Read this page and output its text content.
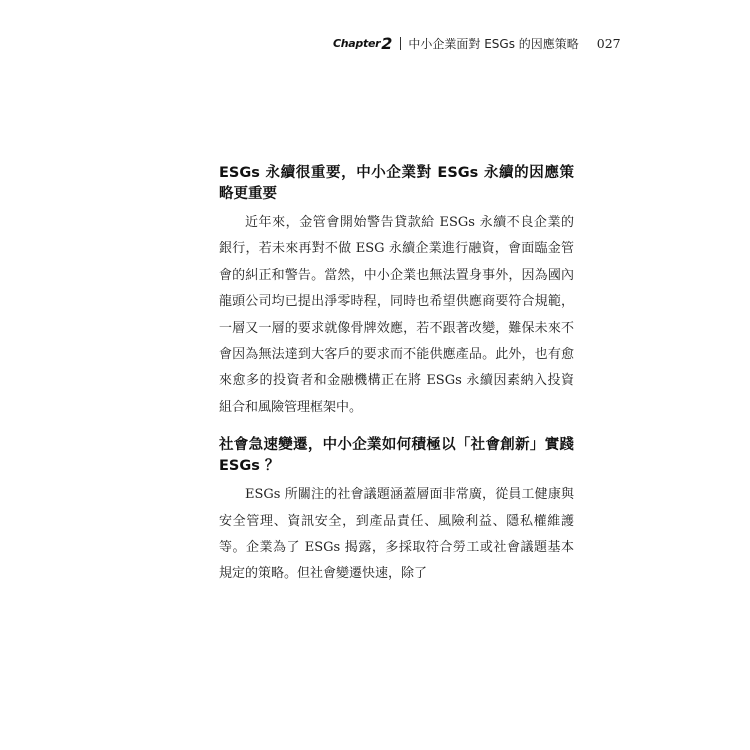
Chapter 2 中小企業面對 ESGs 的因應策略 027
ESGs 永續很重要，中小企業對 ESGs 永續的因應策略更重要

近年來，金管會開始警告貸款給 ESGs 永續不良企業的銀行，若未來再對不做 ESG 永續企業進行融資，會面臨金管會的糾正和警告。當然，中小企業也無法置身事外，因為國內龍頭公司均已提出淨零時程，同時也希望供應商要符合規範，一層又一層的要求就像骨牌效應，若不跟著改變，難保未來不會因為無法達到大客戶的要求而不能供應產品。此外，也有愈來愈多的投資者和金融機構正在將 ESGs 永續因素納入投資組合和風險管理框架中。

社會急速變遷，中小企業如何積極以「社會創新」實踐 ESGs ？

ESGs 所關注的社會議題涵蓋層面非常廣，從員工健康與安全管理、資訊安全，到產品責任、風險利益、隱私權維護等。企業為了 ESGs 揭露，多採取符合勞工或社會議題基本規定的策略。但社會變遷快速，除了
